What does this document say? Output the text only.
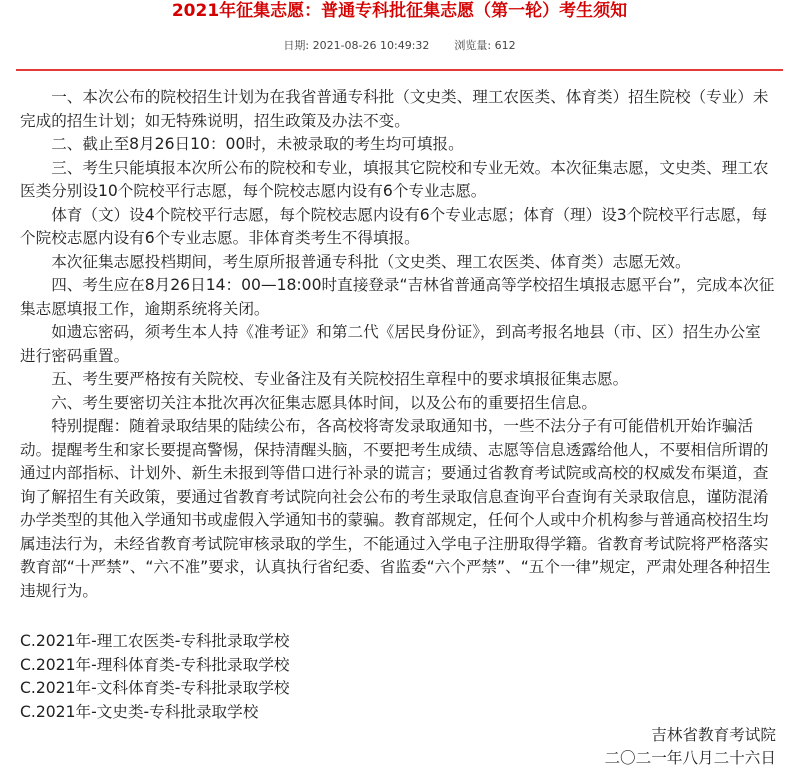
2021年征集志愿：普通专科批征集志愿（第一轮）考生须知
日期: 2021-08-26 10:49:32 浏览量: 612

一、本次公布的院校招生计划为在我省普通专科批（文史类、理工农医类、体育类）招生院校（专业）未完成的招生计划；如无特殊说明，招生政策及办法不变。

二、截止至8月26日10：00时，未被录取的考生均可填报。

三、考生只能填报本次所公布的院校和专业，填报其它院校和专业无效。本次征集志愿，文史类、理工农医类分别设10个院校平行志愿，每个院校志愿内设有6个专业志愿。

体育（文）设4个院校平行志愿，每个院校志愿内设有6个专业志愿；体育（理）设3个院校平行志愿，每个院校志愿内设有6个专业志愿。非体育类考生不得填报。

本次征集志愿投档期间，考生原所报普通专科批（文史类、理工农医类、体育类）志愿无效。

四、考生应在8月26日14：00—18:00时直接登录“吉林省普通高等学校招生填报志愿平台”，完成本次征集志愿填报工作，逾期系统将关闭。

如遗忘密码，须考生本人持《准考证》和第二代《居民身份证》，到高考报名地县（市、区）招生办公室进行密码重置。

五、考生要严格按有关院校、专业备注及有关院校招生章程中的要求填报征集志愿。

六、考生要密切关注本批次再次征集志愿具体时间，以及公布的重要招生信息。

特别提醒：随着录取结果的陆续公布，各高校将寄发录取通知书，一些不法分子有可能借机开始诈骗活动。提醒考生和家长要提高警惕，保持清醒头脑，不要把考生成绩、志愿等信息透露给他人，不要相信所谓的通过内部指标、计划外、新生未报到等借口进行补录的谎言；要通过省教育考试院或高校的权威发布渠道，查询了解招生有关政策，要通过省教育考试院向社会公布的考生录取信息查询平台查询有关录取信息，谨防混淆办学类型的其他入学通知书或虚假入学通知书的蒙骗。教育部规定，任何个人或中介机构参与普通高校招生均属违法行为，未经省教育考试院审核录取的学生，不能通过入学电子注册取得学籍。省教育考试院将严格落实教育部“十严禁”、“六不准”要求，认真执行省纪委、省监委“六个严禁”、“五个一律”规定，严肃处理各种招生违规行为。

C.2021年-理工农医类-专科批录取学校
C.2021年-理科体育类-专科批录取学校
C.2021年-文科体育类-专科批录取学校
C.2021年-文史类-专科批录取学校
吉林省教育考试院
二〇二一年八月二十六日
